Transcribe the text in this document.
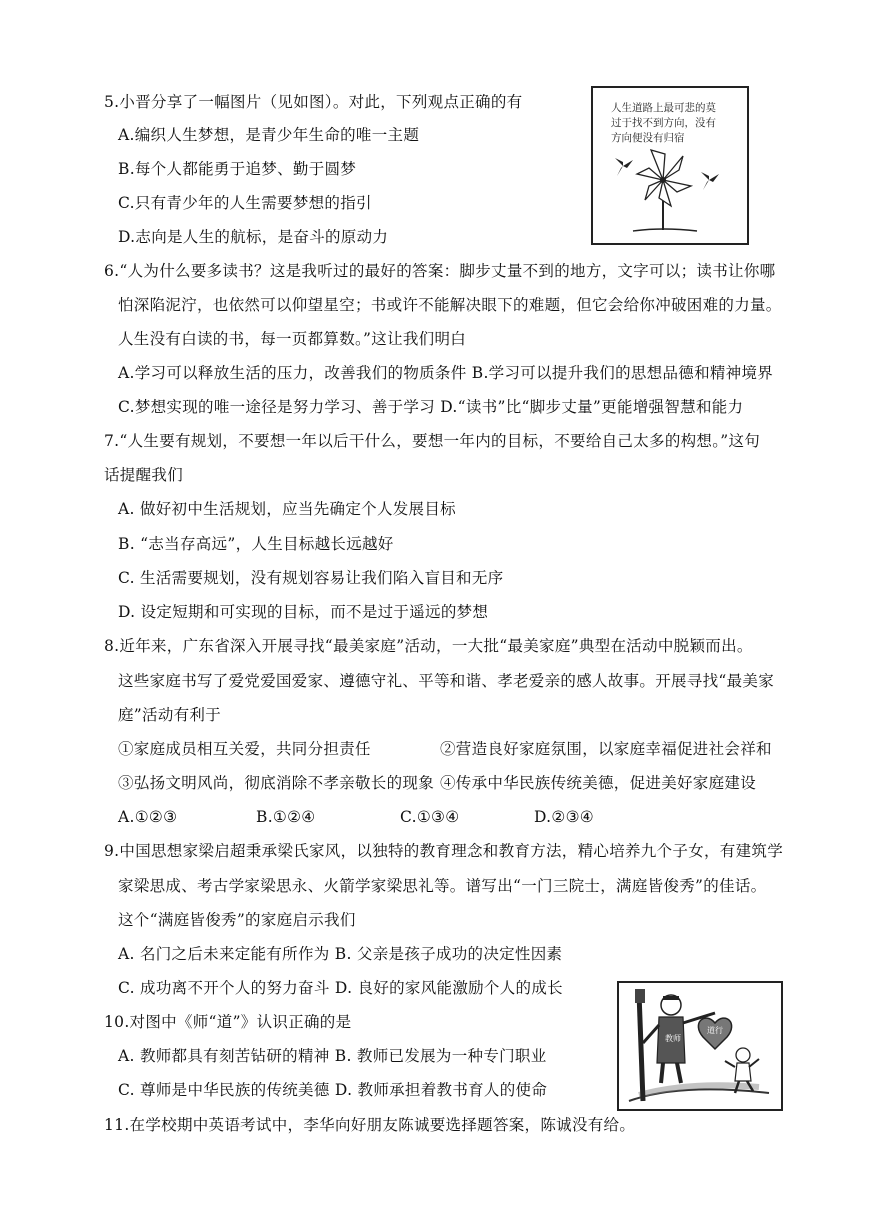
5.小晋分享了一幅图片（见如图）。对此，下列观点正确的有
A.编织人生梦想，是青少年生命的唯一主题
B.每个人都能勇于追梦、勤于圆梦
C.只有青少年的人生需要梦想的指引
D.志向是人生的航标，是奋斗的原动力
人生道路上最可悲的莫
过于找不到方向，没有
方向便没有归宿
6.“人为什么要多读书？这是我听过的最好的答案：脚步丈量不到的地方，文字可以；读书让你哪
怕深陷泥泞，也依然可以仰望星空；书或许不能解决眼下的难题，但它会给你冲破困难的力量。
人生没有白读的书，每一页都算数。”这让我们明白
A.学习可以释放生活的压力，改善我们的物质条件 B.学习可以提升我们的思想品德和精神境界
C.梦想实现的唯一途径是努力学习、善于学习 D.“读书”比“脚步丈量”更能增强智慧和能力
7.“人生要有规划，不要想一年以后干什么，要想一年内的目标，不要给自己太多的构想。”这句
话提醒我们
A. 做好初中生活规划，应当先确定个人发展目标
B. “志当存高远”，人生目标越长远越好
C. 生活需要规划，没有规划容易让我们陷入盲目和无序
D. 设定短期和可实现的目标，而不是过于遥远的梦想
8.近年来，广东省深入开展寻找“最美家庭”活动，一大批“最美家庭”典型在活动中脱颖而出。
这些家庭书写了爱党爱国爱家、遵德守礼、平等和谐、孝老爱亲的感人故事。开展寻找“最美家
庭”活动有利于
①家庭成员相互关爱，共同分担责任	②营造良好家庭氛围，以家庭幸福促进社会祥和
③弘扬文明风尚，彻底消除不孝亲敬长的现象 ④传承中华民族传统美德，促进美好家庭建设
A.①②③	B.①②④	C.①③④	D.②③④
9.中国思想家梁启超秉承梁氏家风，以独特的教育理念和教育方法，精心培养九个子女，有建筑学
家梁思成、考古学家梁思永、火箭学家梁思礼等。谱写出“一门三院士，满庭皆俊秀”的佳话。
这个“满庭皆俊秀”的家庭启示我们
A. 名门之后未来定能有所作为 B. 父亲是孩子成功的决定性因素
C. 成功离不开个人的努力奋斗 D. 良好的家风能激励个人的成长
10.对图中《师“道”》认识正确的是
A. 教师都具有刻苦钻研的精神 B. 教师已发展为一种专门职业
C. 尊师是中华民族的传统美德 D. 教师承担着教书育人的使命
教师
道行
11.在学校期中英语考试中，李华向好朋友陈诚要选择题答案，陈诚没有给。
